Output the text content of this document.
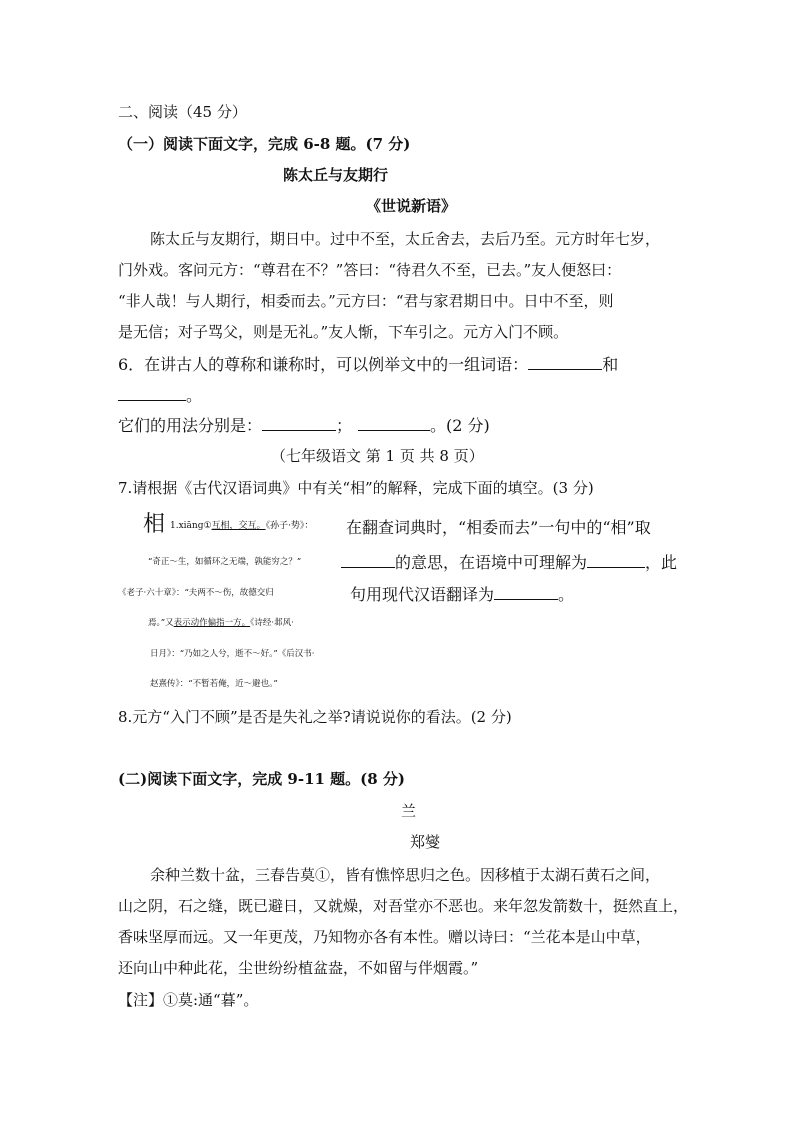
二、阅读（45 分）
（一）阅读下面文字，完成 6-8 题。(7 分)
陈太丘与友期行
《世说新语》
陈太丘与友期行，期日中。过中不至，太丘舍去，去后乃至。元方时年七岁，
门外戏。客问元方：“尊君在不？”答曰：“待君久不至，已去。”友人便怒曰：
“非人哉！与人期行，相委而去。”元方曰：“君与家君期日中。日中不至，则
是无信；对子骂父，则是无礼。”友人惭，下车引之。元方入门不顾。
6．在讲古人的尊称和谦称时，可以例举文中的一组词语：	和
。
它们的用法分别是：	；	。(2 分)
（七年级语文 第 1 页 共 8 页）
7.请根据《古代汉语词典》中有关“相”的解释，完成下面的填空。(3 分)
相 1.xiāng①互相，交互。《孙子·势》：
“奇正～生，如循环之无端，孰能穷之？”
《老子·六十章》：“夫两不～伤，故德交归
焉。”又表示动作偏指一方。《诗经·邶风·
日月》：“乃如之人兮，逝不～好。”《后汉书·
赵熹传》：“不暂若俺，近～避也。”
在翻查词典时，“相委而去”一句中的“相”取
的意思，在语境中可理解为	，此
句用现代汉语翻译为	。
8.元方“入门不顾”是否是失礼之举?请说说你的看法。(2 分)
(二)阅读下面文字，完成 9-11 题。(8 分)
兰
郑燮
余种兰数十盆，三春告莫①，皆有憔悴思归之色。因移植于太湖石黄石之间，
山之阴，石之缝，既已避日，又就燥，对吾堂亦不恶也。来年忽发箭数十，挺然直上，
香味坚厚而远。又一年更茂，乃知物亦各有本性。赠以诗曰：“兰花本是山中草，
还向山中种此花，尘世纷纷植盆盎，不如留与伴烟霞。”
【注】①莫:通“暮”。
